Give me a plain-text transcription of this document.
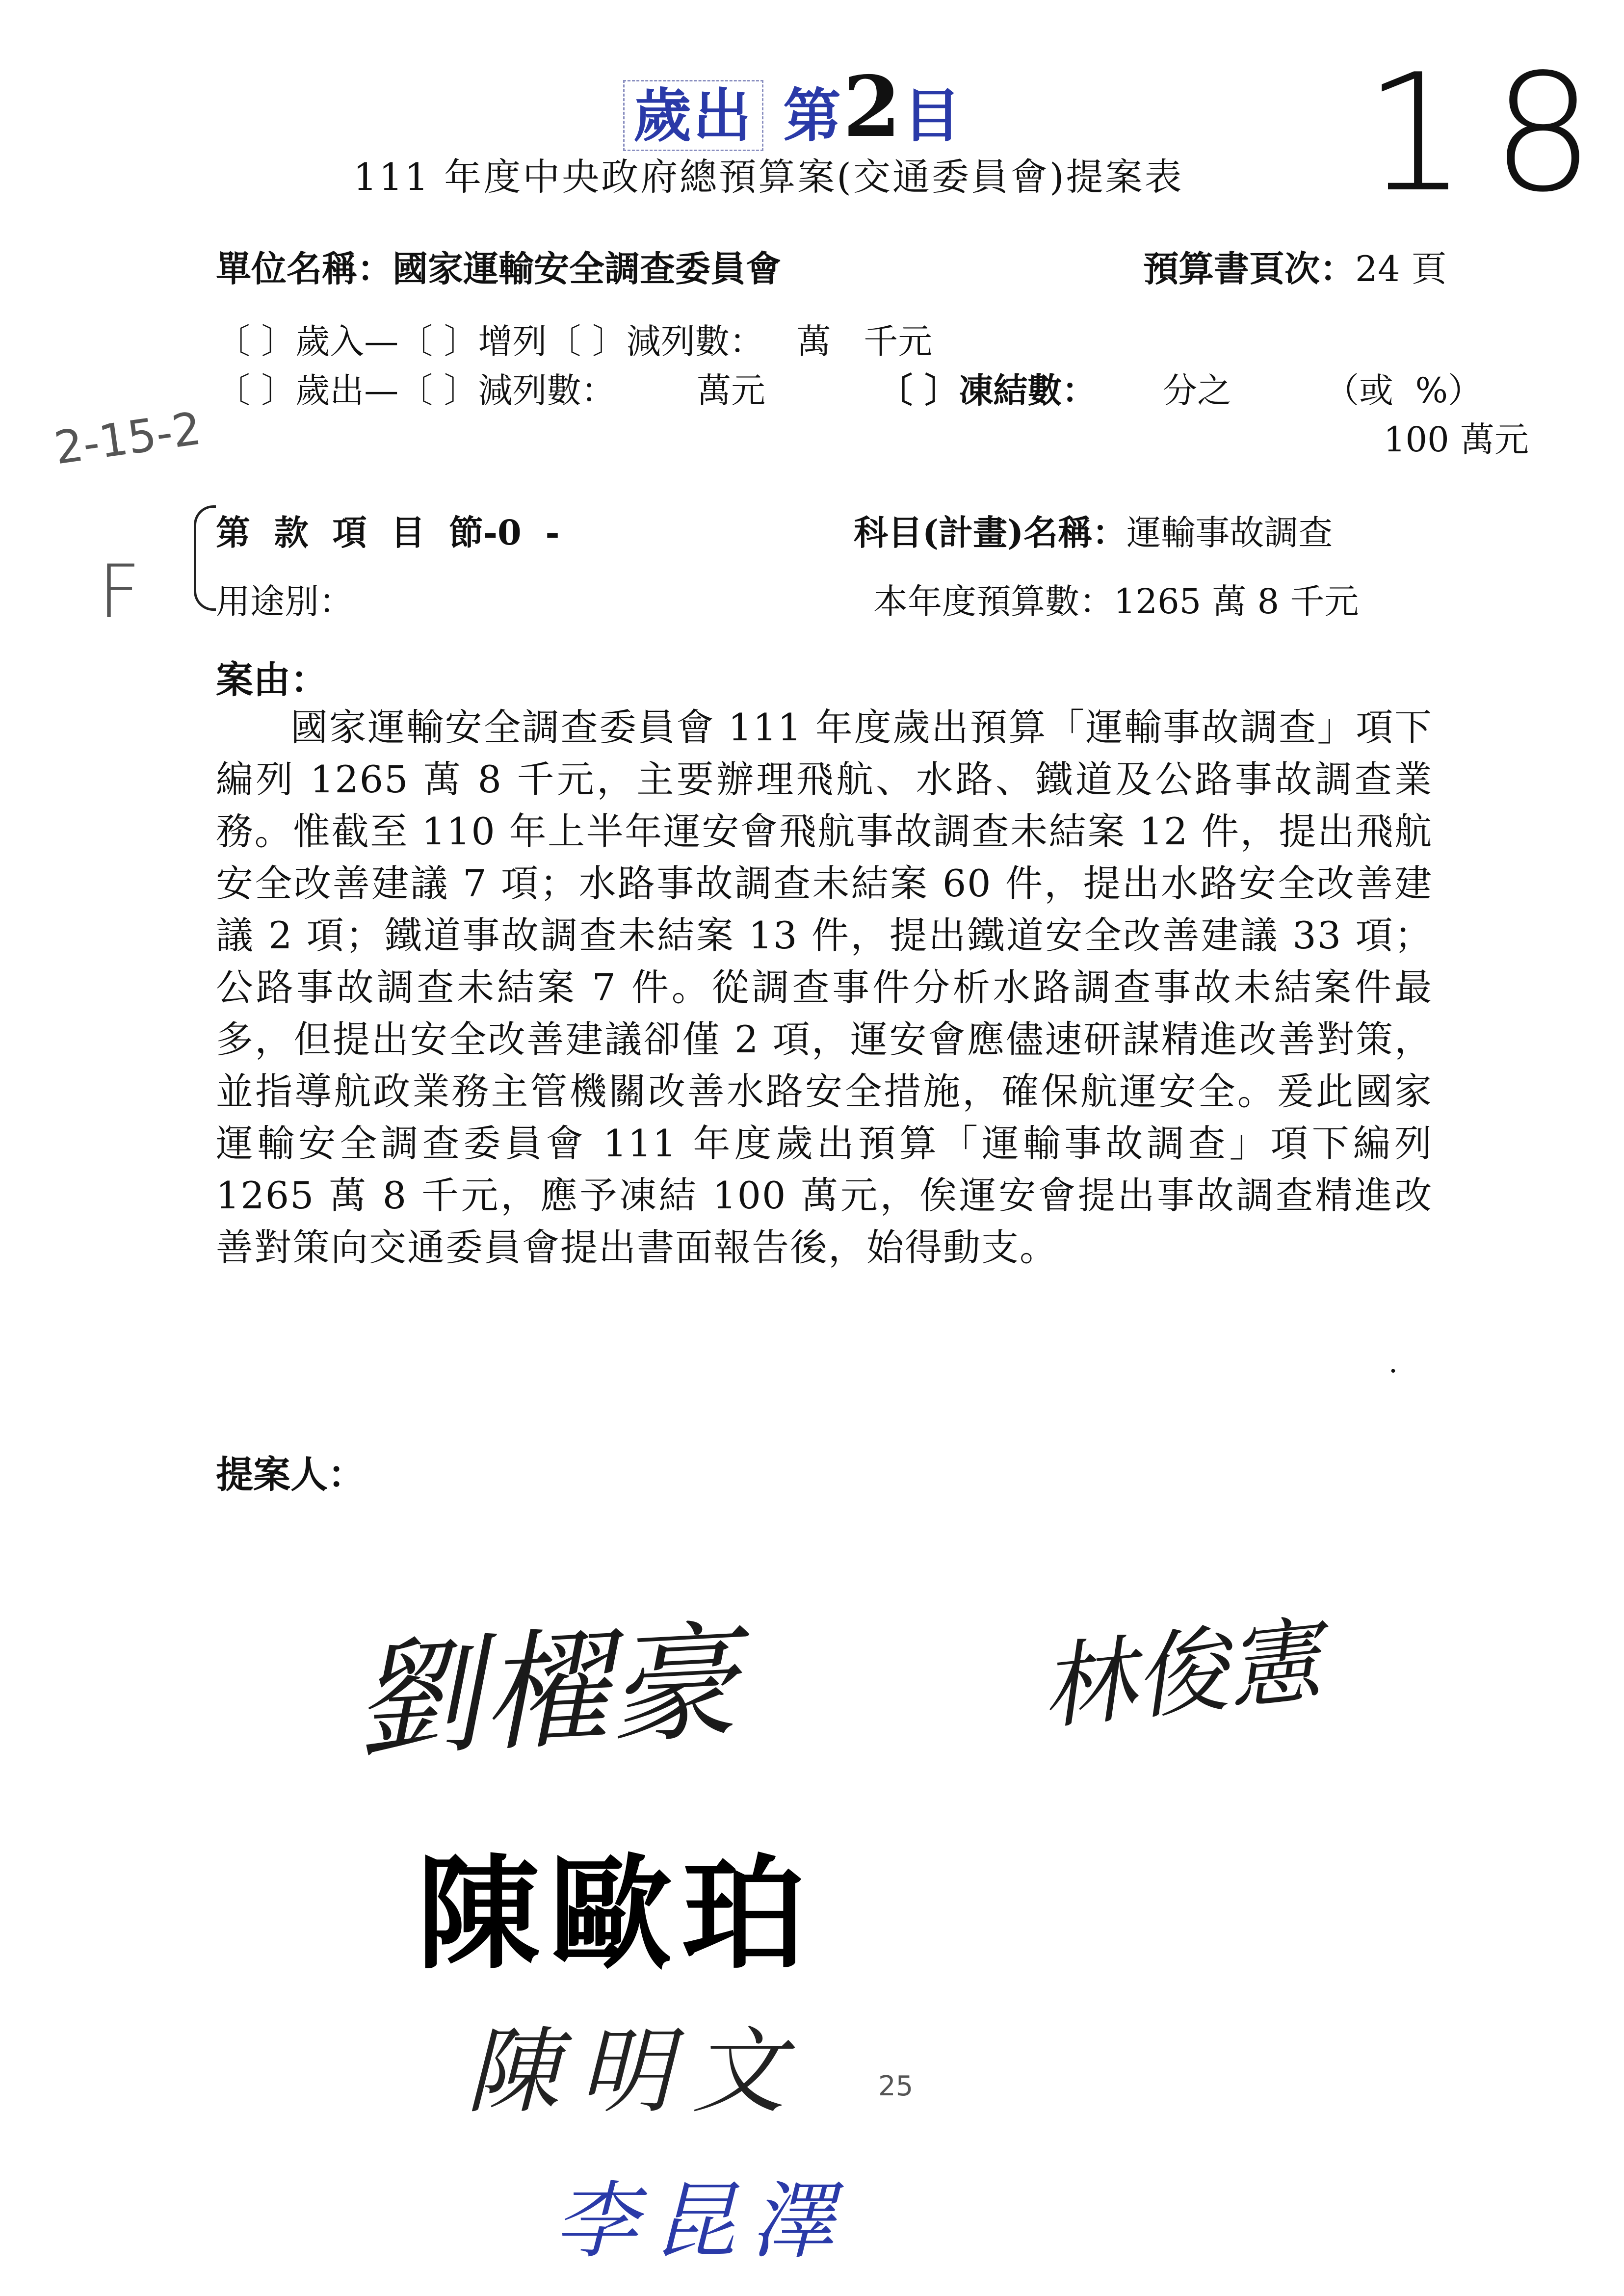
歲出 第2目 18
111 年度中央政府總預算案(交通委員會)提案表
單位名稱：國家運輸安全調查委員會	預算書頁次：24 頁
〔 〕歲入—〔 〕增列〔 〕減列數：   萬   千元
〔 〕歲出—〔 〕減列數： 萬元	〔 〕凍結數： 分之	（或  %）
100 萬元
第  款  項  目  節-0  -	科目(計畫)名稱：運輸事故調查
用途別：	本年度預算數：1265 萬 8 千元
案由：

國家運輸安全調查委員會 111 年度歲出預算「運輸事故調查」項下編列 1265 萬 8 千元，主要辦理飛航、水路、鐵道及公路事故調查業務。惟截至 110 年上半年運安會飛航事故調查未結案 12 件，提出飛航安全改善建議 7 項；水路事故調查未結案 60 件，提出水路安全改善建議 2 項；鐵道事故調查未結案 13 件，提出鐵道安全改善建議 33 項；公路事故調查未結案 7 件。從調查事件分析水路調查事故未結案件最多，但提出安全改善建議卻僅 2 項，運安會應儘速研謀精進改善對策，並指導航政業務主管機關改善水路安全措施，確保航運安全。爰此國家運輸安全調查委員會 111 年度歲出預算「運輸事故調查」項下編列 1265 萬 8 千元，應予凍結 100 萬元，俟運安會提出事故調查精進改善對策向交通委員會提出書面報告後，始得動支。

·
提案人：
劉櫂豪	林俊憲
陳歐珀
陳明文
李昆澤
2-15-2
F
25
